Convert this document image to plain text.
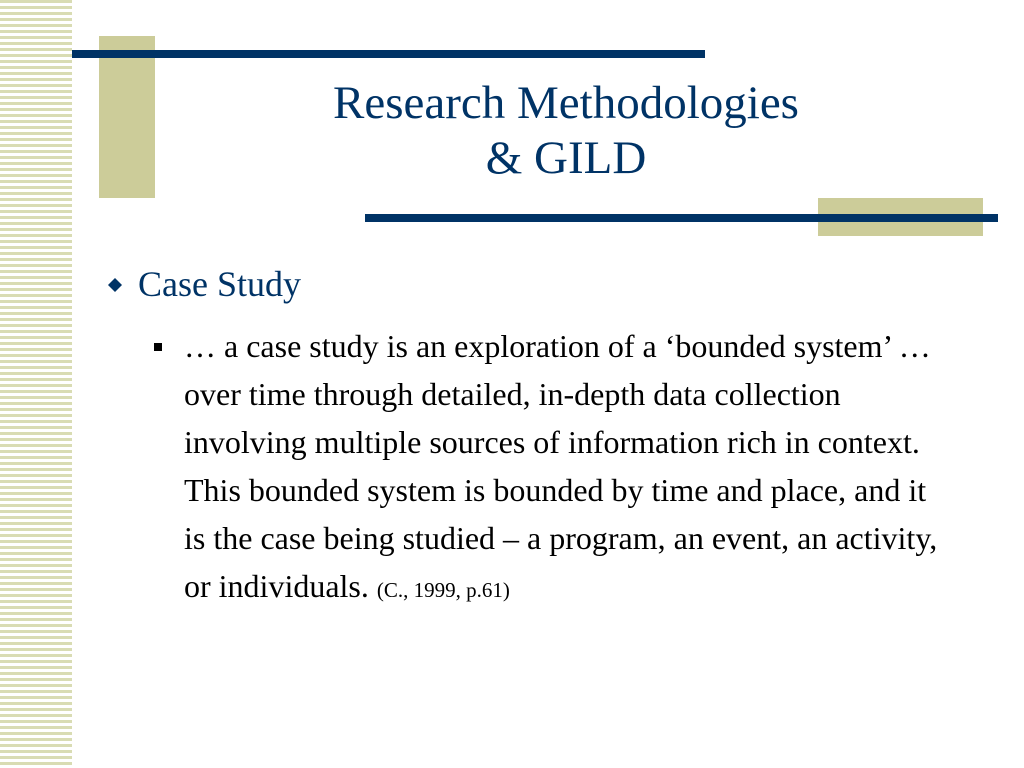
Research Methodologies
& GILD
Case Study
… a case study is an exploration of a ‘bounded system’ … over time through detailed, in-depth data collection involving multiple sources of information rich in context. This bounded system is bounded by time and place, and it is the case being studied – a program, an event, an activity, or individuals. (C., 1999, p.61)
